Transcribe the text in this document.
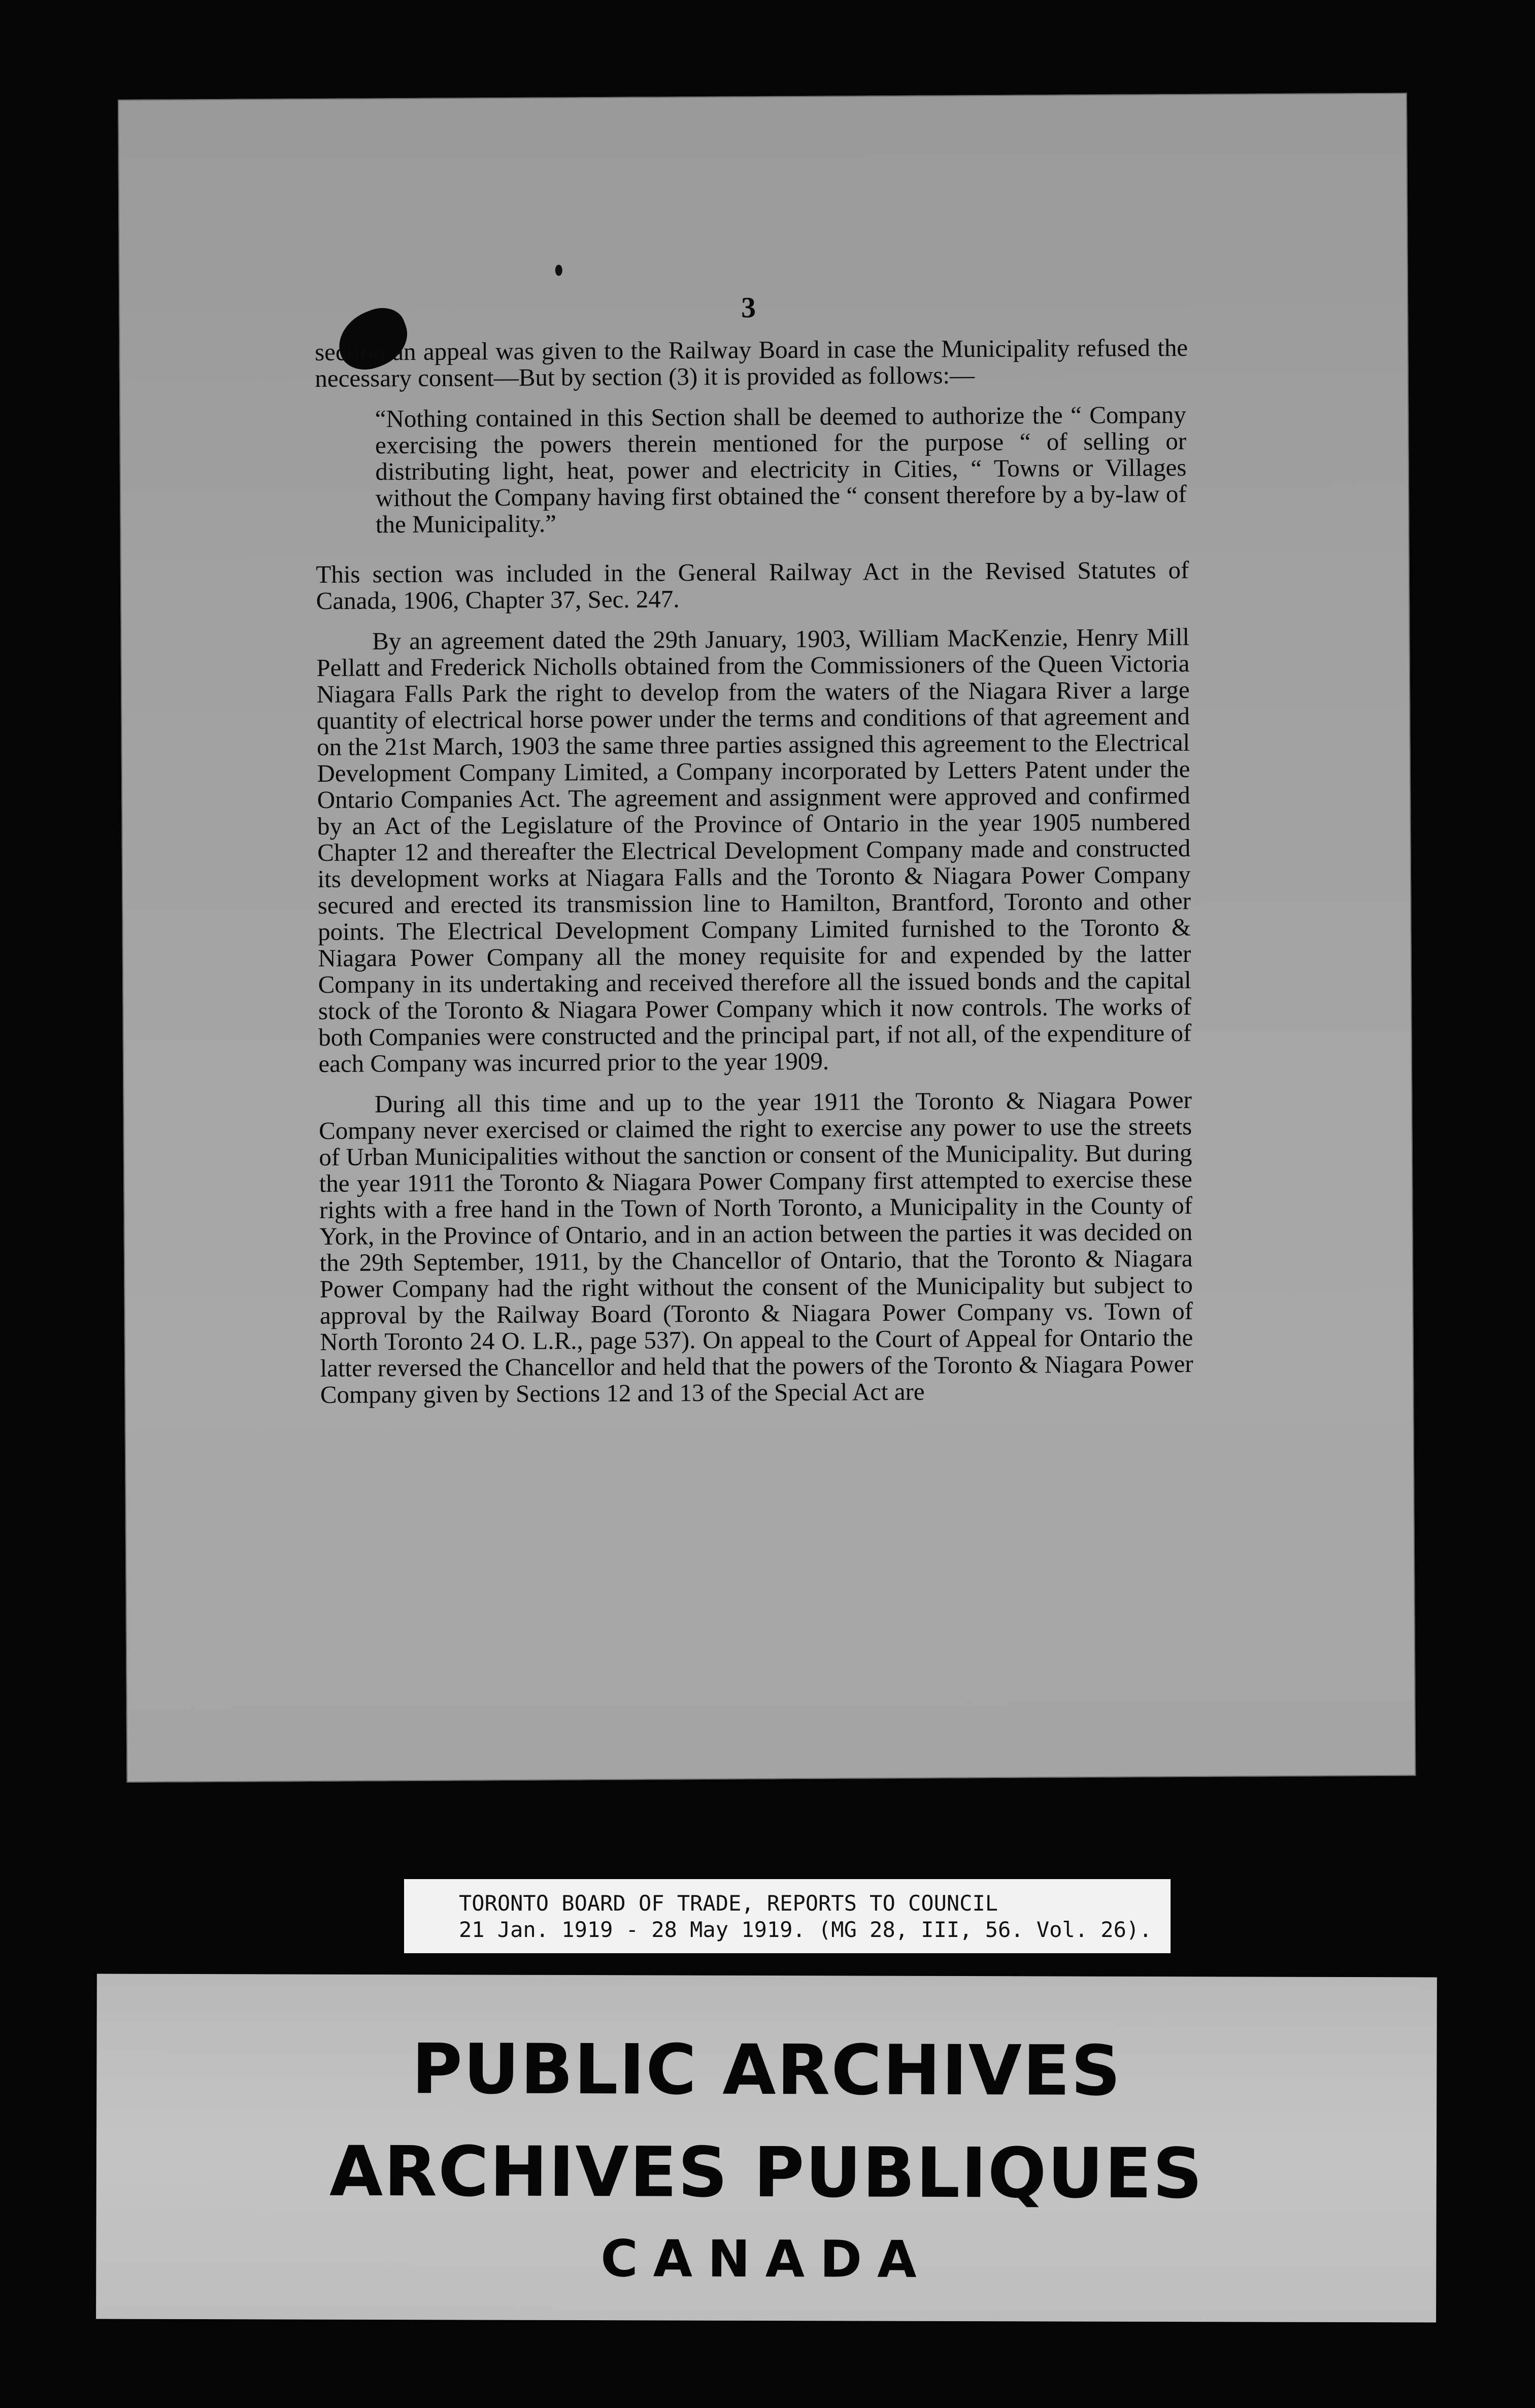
3

section an appeal was given to the Railway Board in case the Municipality refused the necessary consent—But by section (3) it is provided as follows:—

“Nothing contained in this Section shall be deemed to authorize the “ Company exercising the powers therein mentioned for the purpose “ of selling or distributing light, heat, power and electricity in Cities, “ Towns or Villages without the Company having first obtained the “ consent therefore by a by-law of the Municipality.”

This section was included in the General Railway Act in the Revised Statutes of Canada, 1906, Chapter 37, Sec. 247.

By an agreement dated the 29th January, 1903, William MacKenzie, Henry Mill Pellatt and Frederick Nicholls obtained from the Commissioners of the Queen Victoria Niagara Falls Park the right to develop from the waters of the Niagara River a large quantity of electrical horse power under the terms and conditions of that agreement and on the 21st March, 1903 the same three parties assigned this agreement to the Electrical Development Company Limited, a Company incorporated by Letters Patent under the Ontario Companies Act. The agreement and assignment were approved and confirmed by an Act of the Legislature of the Province of Ontario in the year 1905 numbered Chapter 12 and thereafter the Electrical Development Company made and constructed its development works at Niagara Falls and the Toronto & Niagara Power Company secured and erected its transmission line to Hamilton, Brantford, Toronto and other points. The Electrical Development Company Limited furnished to the Toronto & Niagara Power Company all the money requisite for and expended by the latter Company in its undertaking and received therefore all the issued bonds and the capital stock of the Toronto & Niagara Power Company which it now controls. The works of both Companies were constructed and the principal part, if not all, of the expenditure of each Company was incurred prior to the year 1909.

During all this time and up to the year 1911 the Toronto & Niagara Power Company never exercised or claimed the right to exercise any power to use the streets of Urban Municipalities without the sanction or consent of the Municipality. But during the year 1911 the Toronto & Niagara Power Company first attempted to exercise these rights with a free hand in the Town of North Toronto, a Municipality in the County of York, in the Province of Ontario, and in an action between the parties it was decided on the 29th September, 1911, by the Chancellor of Ontario, that the Toronto & Niagara Power Company had the right without the consent of the Municipality but subject to approval by the Railway Board (Toronto & Niagara Power Company vs. Town of North Toronto 24 O. L.R., page 537). On appeal to the Court of Appeal for Ontario the latter reversed the Chancellor and held that the powers of the Toronto & Niagara Power Company given by Sections 12 and 13 of the Special Act are

TORONTO BOARD OF TRADE, REPORTS TO COUNCIL
21 Jan. 1919 - 28 May 1919. (MG 28, III, 56. Vol. 26).
PUBLIC ARCHIVES
ARCHIVES PUBLIQUES
CANADA
